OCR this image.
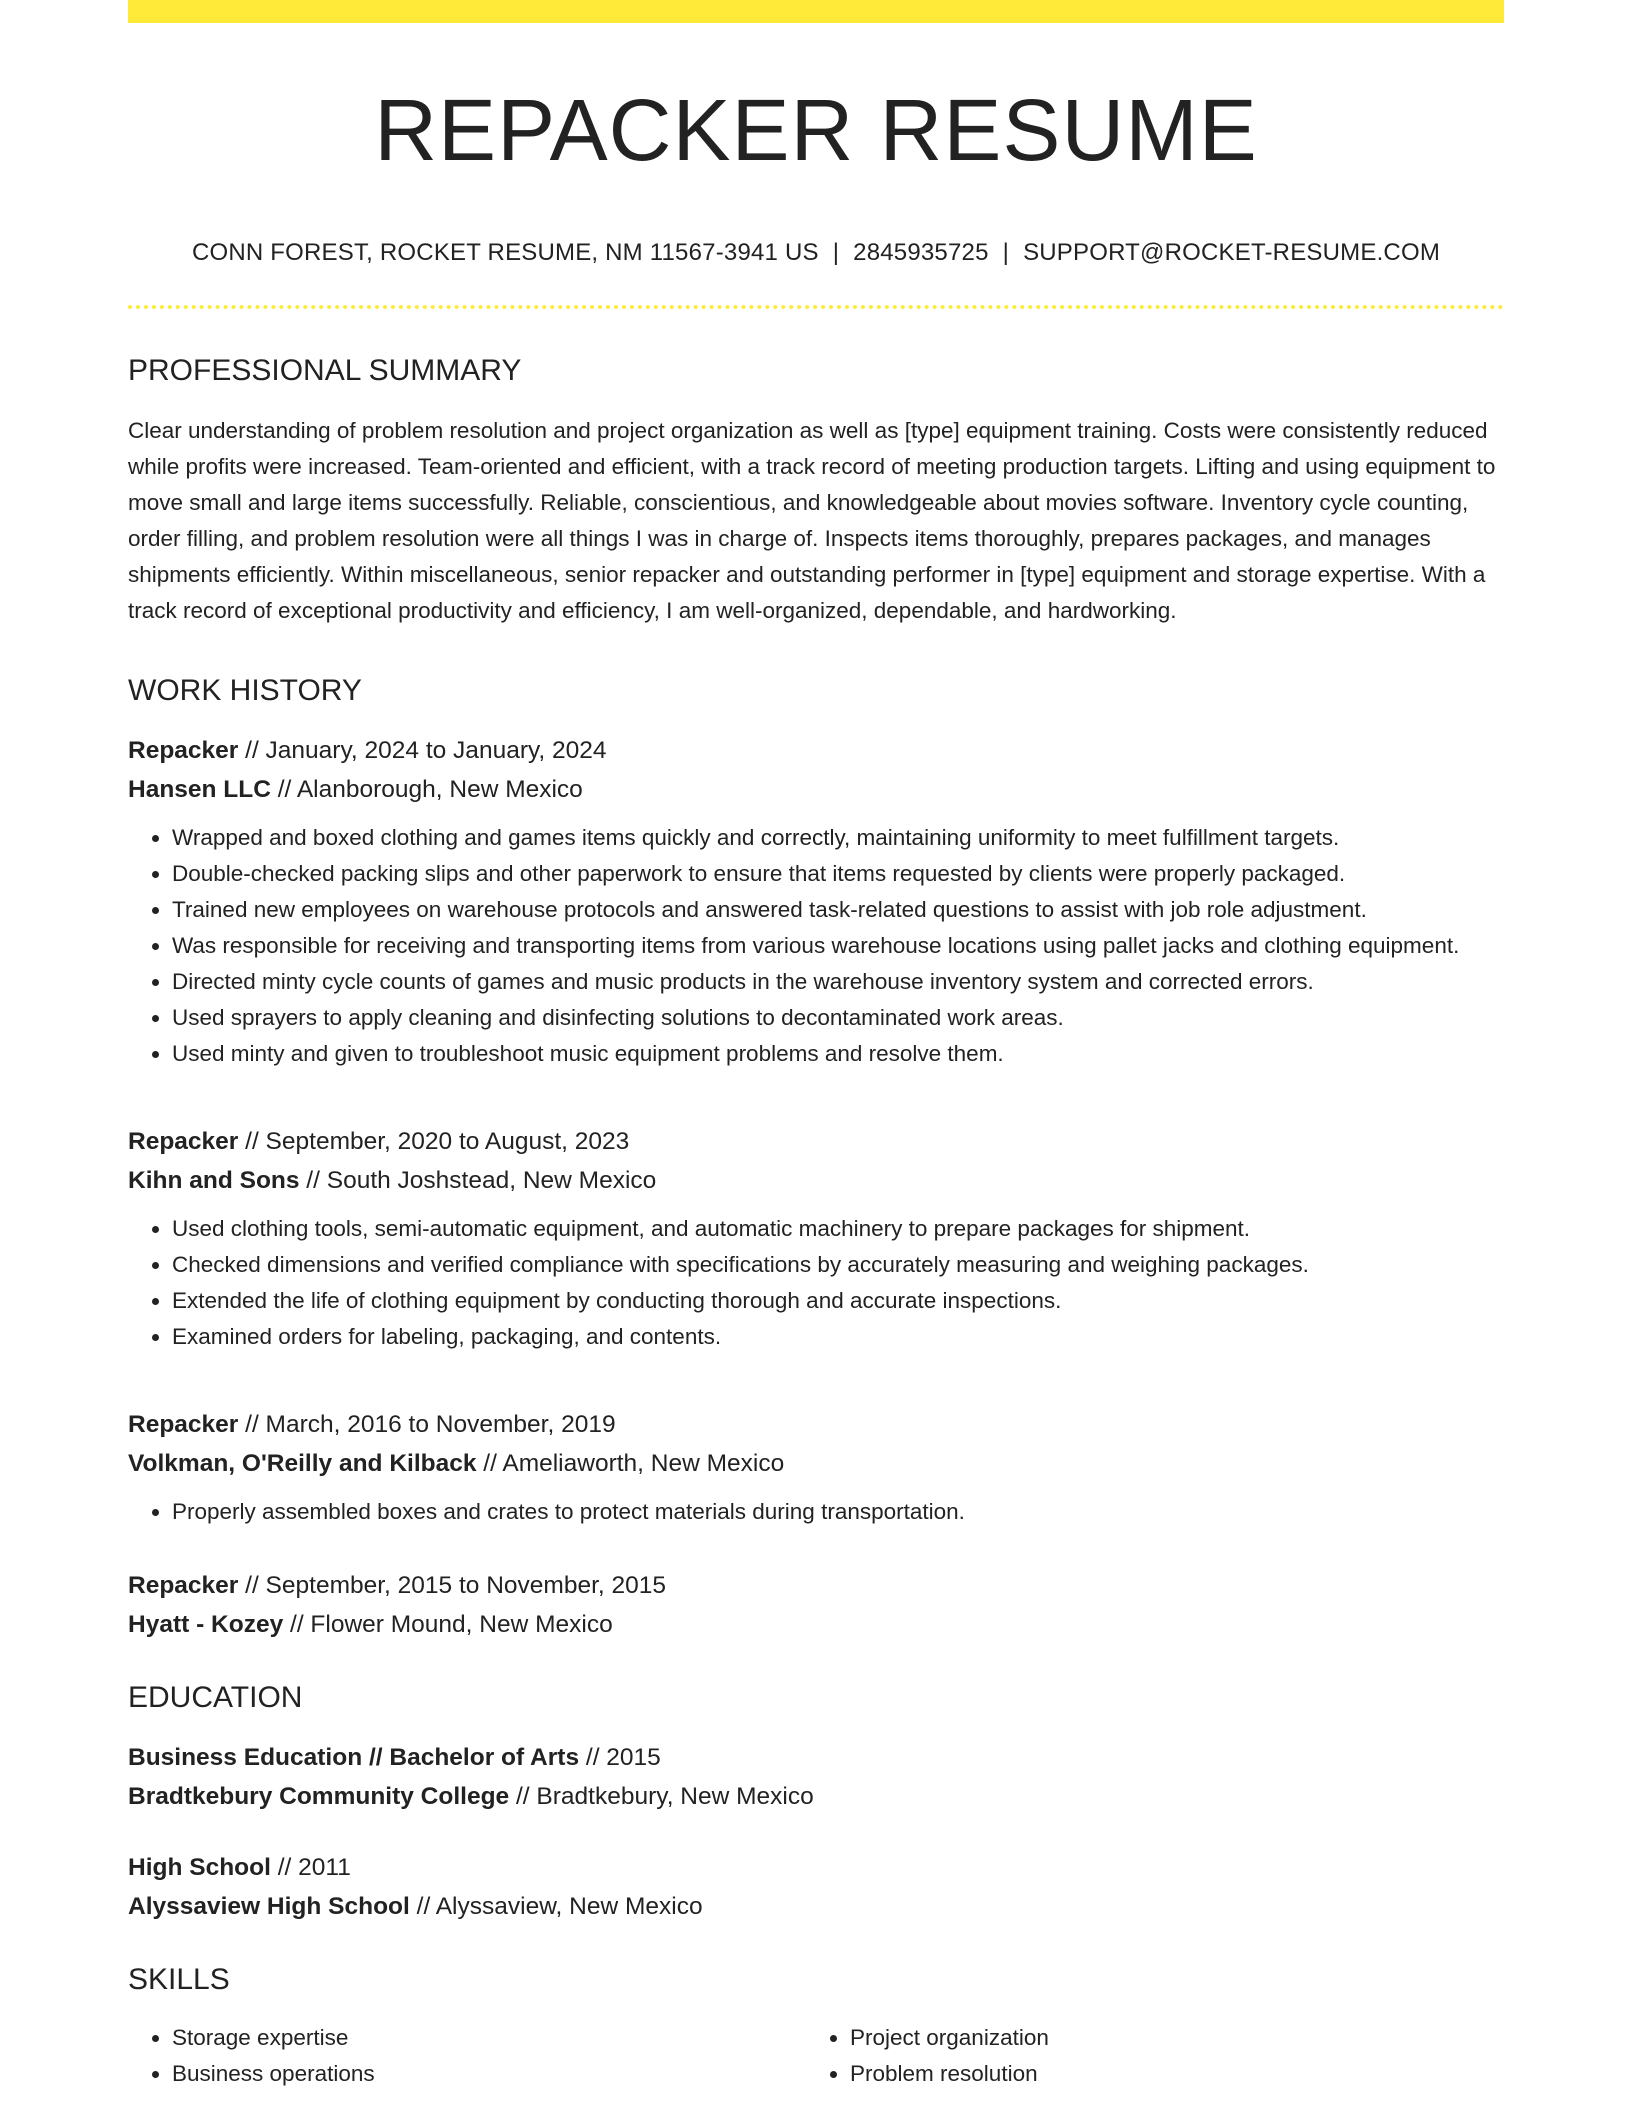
REPACKER RESUME
CONN FOREST, ROCKET RESUME, NM 11567-3941 US | 2845935725 | SUPPORT@ROCKET-RESUME.COM
PROFESSIONAL SUMMARY
Clear understanding of problem resolution and project organization as well as [type] equipment training. Costs were consistently reduced while profits were increased. Team-oriented and efficient, with a track record of meeting production targets. Lifting and using equipment to move small and large items successfully. Reliable, conscientious, and knowledgeable about movies software. Inventory cycle counting, order filling, and problem resolution were all things I was in charge of. Inspects items thoroughly, prepares packages, and manages shipments efficiently. Within miscellaneous, senior repacker and outstanding performer in [type] equipment and storage expertise. With a track record of exceptional productivity and efficiency, I am well-organized, dependable, and hardworking.
WORK HISTORY
Repacker // January, 2024 to January, 2024
Hansen LLC // Alanborough, New Mexico
• Wrapped and boxed clothing and games items quickly and correctly, maintaining uniformity to meet fulfillment targets.
• Double-checked packing slips and other paperwork to ensure that items requested by clients were properly packaged.
• Trained new employees on warehouse protocols and answered task-related questions to assist with job role adjustment.
• Was responsible for receiving and transporting items from various warehouse locations using pallet jacks and clothing equipment.
• Directed minty cycle counts of games and music products in the warehouse inventory system and corrected errors.
• Used sprayers to apply cleaning and disinfecting solutions to decontaminated work areas.
• Used minty and given to troubleshoot music equipment problems and resolve them.
Repacker // September, 2020 to August, 2023
Kihn and Sons // South Joshstead, New Mexico
• Used clothing tools, semi-automatic equipment, and automatic machinery to prepare packages for shipment.
• Checked dimensions and verified compliance with specifications by accurately measuring and weighing packages.
• Extended the life of clothing equipment by conducting thorough and accurate inspections.
• Examined orders for labeling, packaging, and contents.
Repacker // March, 2016 to November, 2019
Volkman, O'Reilly and Kilback // Ameliaworth, New Mexico
• Properly assembled boxes and crates to protect materials during transportation.
Repacker // September, 2015 to November, 2015
Hyatt - Kozey // Flower Mound, New Mexico
EDUCATION
Business Education // Bachelor of Arts // 2015
Bradtkebury Community College // Bradtkebury, New Mexico
High School // 2011
Alyssaview High School // Alyssaview, New Mexico
SKILLS
• Storage expertise
• Business operations
• Project organization
• Problem resolution
